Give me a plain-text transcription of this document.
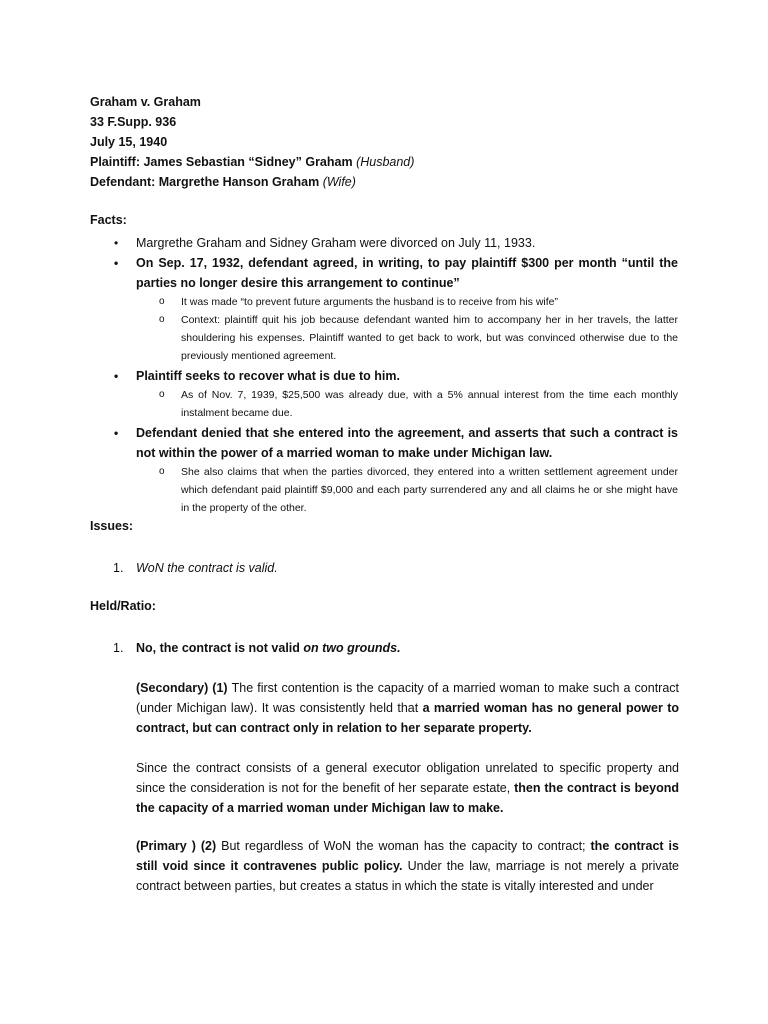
Graham v. Graham
33 F.Supp. 936
July 15, 1940
Plaintiff: James Sebastian “Sidney” Graham (Husband)
Defendant: Margrethe Hanson Graham (Wife)
Facts:
• Margrethe Graham and Sidney Graham were divorced on July 11, 1933.
• On Sep. 17, 1932, defendant agreed, in writing, to pay plaintiff $300 per month “until the parties no longer desire this arrangement to continue”
o It was made “to prevent future arguments the husband is to receive from his wife”
o Context: plaintiff quit his job because defendant wanted him to accompany her in her travels, the latter shouldering his expenses. Plaintiff wanted to get back to work, but was convinced otherwise due to the previously mentioned agreement.
• Plaintiff seeks to recover what is due to him.
o As of Nov. 7, 1939, $25,500 was already due, with a 5% annual interest from the time each monthly instalment became due.
• Defendant denied that she entered into the agreement, and asserts that such a contract is not within the power of a married woman to make under Michigan law.
o She also claims that when the parties divorced, they entered into a written settlement agreement under which defendant paid plaintiff $9,000 and each party surrendered any and all claims he or she might have in the property of the other.
Issues:
1. WoN the contract is valid.
Held/Ratio:
1. No, the contract is not valid on two grounds.
(Secondary) (1) The first contention is the capacity of a married woman to make such a contract (under Michigan law). It was consistently held that a married woman has no general power to contract, but can contract only in relation to her separate property.
Since the contract consists of a general executor obligation unrelated to specific property and since the consideration is not for the benefit of her separate estate, then the contract is beyond the capacity of a married woman under Michigan law to make.
(Primary ) (2) But regardless of WoN the woman has the capacity to contract; the contract is still void since it contravenes public policy. Under the law, marriage is not merely a private contract between parties, but creates a status in which the state is vitally interested and under
